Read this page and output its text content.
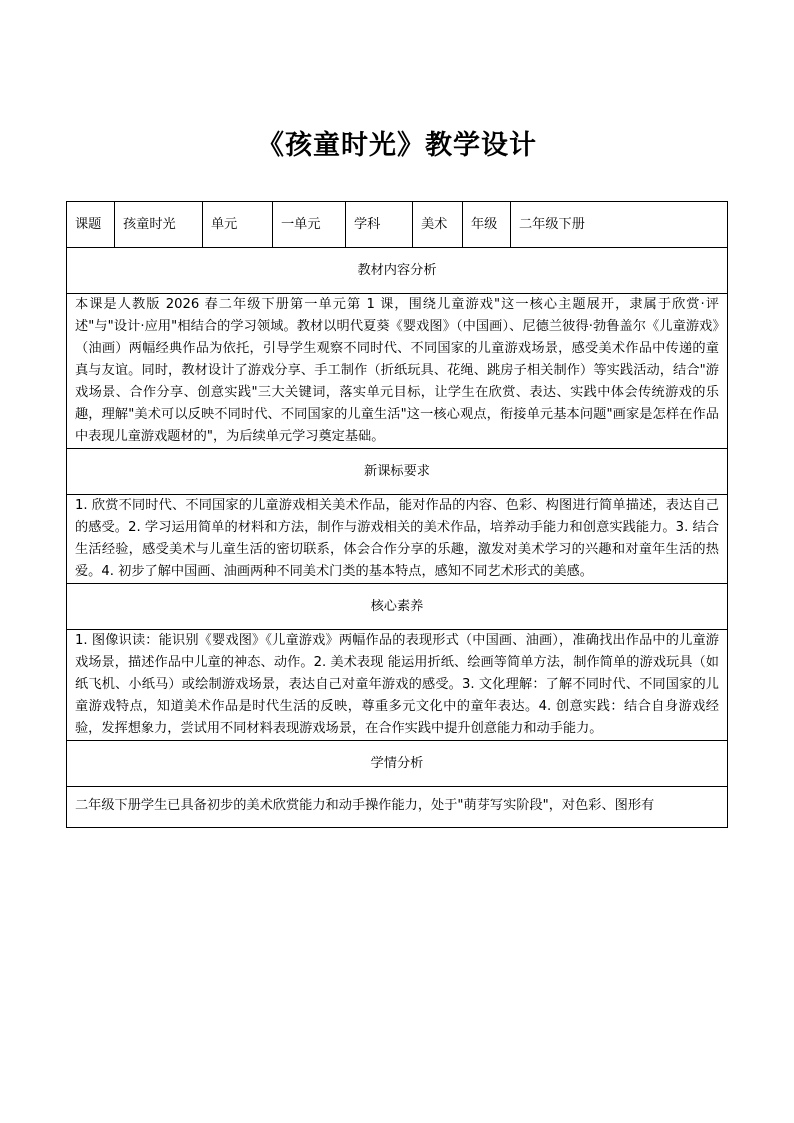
《孩童时光》教学设计
课题	孩童时光	单元	一单元	学科	美术	年级	二年级下册
教材内容分析
本课是人教版 2026 春二年级下册第一单元第 1 课，围绕儿童游戏"这一核心主题展开，隶属于欣赏·评述"与"设计·应用"相结合的学习领域。教材以明代夏葵《婴戏图》（中国画）、尼德兰彼得·勃鲁盖尔《儿童游戏》（油画）两幅经典作品为依托，引导学生观察不同时代、不同国家的儿童游戏场景，感受美术作品中传递的童真与友谊。同时，教材设计了游戏分享、手工制作（折纸玩具、花绳、跳房子相关制作）等实践活动，结合"游戏场景、合作分享、创意实践"三大关键词，落实单元目标，让学生在欣赏、表达、实践中体会传统游戏的乐趣，理解"美术可以反映不同时代、不同国家的儿童生活"这一核心观点，衔接单元基本问题"画家是怎样在作品中表现儿童游戏题材的"，为后续单元学习奠定基础。
新课标要求
1. 欣赏不同时代、不同国家的儿童游戏相关美术作品，能对作品的内容、色彩、构图进行简单描述，表达自己的感受。2. 学习运用简单的材料和方法，制作与游戏相关的美术作品，培养动手能力和创意实践能力。3. 结合生活经验，感受美术与儿童生活的密切联系，体会合作分享的乐趣，激发对美术学习的兴趣和对童年生活的热爱。4. 初步了解中国画、油画两种不同美术门类的基本特点，感知不同艺术形式的美感。
核心素养
1. 图像识读：能识别《婴戏图》《儿童游戏》两幅作品的表现形式（中国画、油画），准确找出作品中的儿童游戏场景，描述作品中儿童的神态、动作。2. 美术表现 能运用折纸、绘画等简单方法，制作简单的游戏玩具（如纸飞机、小纸马）或绘制游戏场景，表达自己对童年游戏的感受。3. 文化理解：了解不同时代、不同国家的儿童游戏特点，知道美术作品是时代生活的反映，尊重多元文化中的童年表达。4. 创意实践：结合自身游戏经验，发挥想象力，尝试用不同材料表现游戏场景，在合作实践中提升创意能力和动手能力。
学情分析

二年级下册学生已具备初步的美术欣赏能力和动手操作能力，处于"萌芽写实阶段"，对色彩、图形有
